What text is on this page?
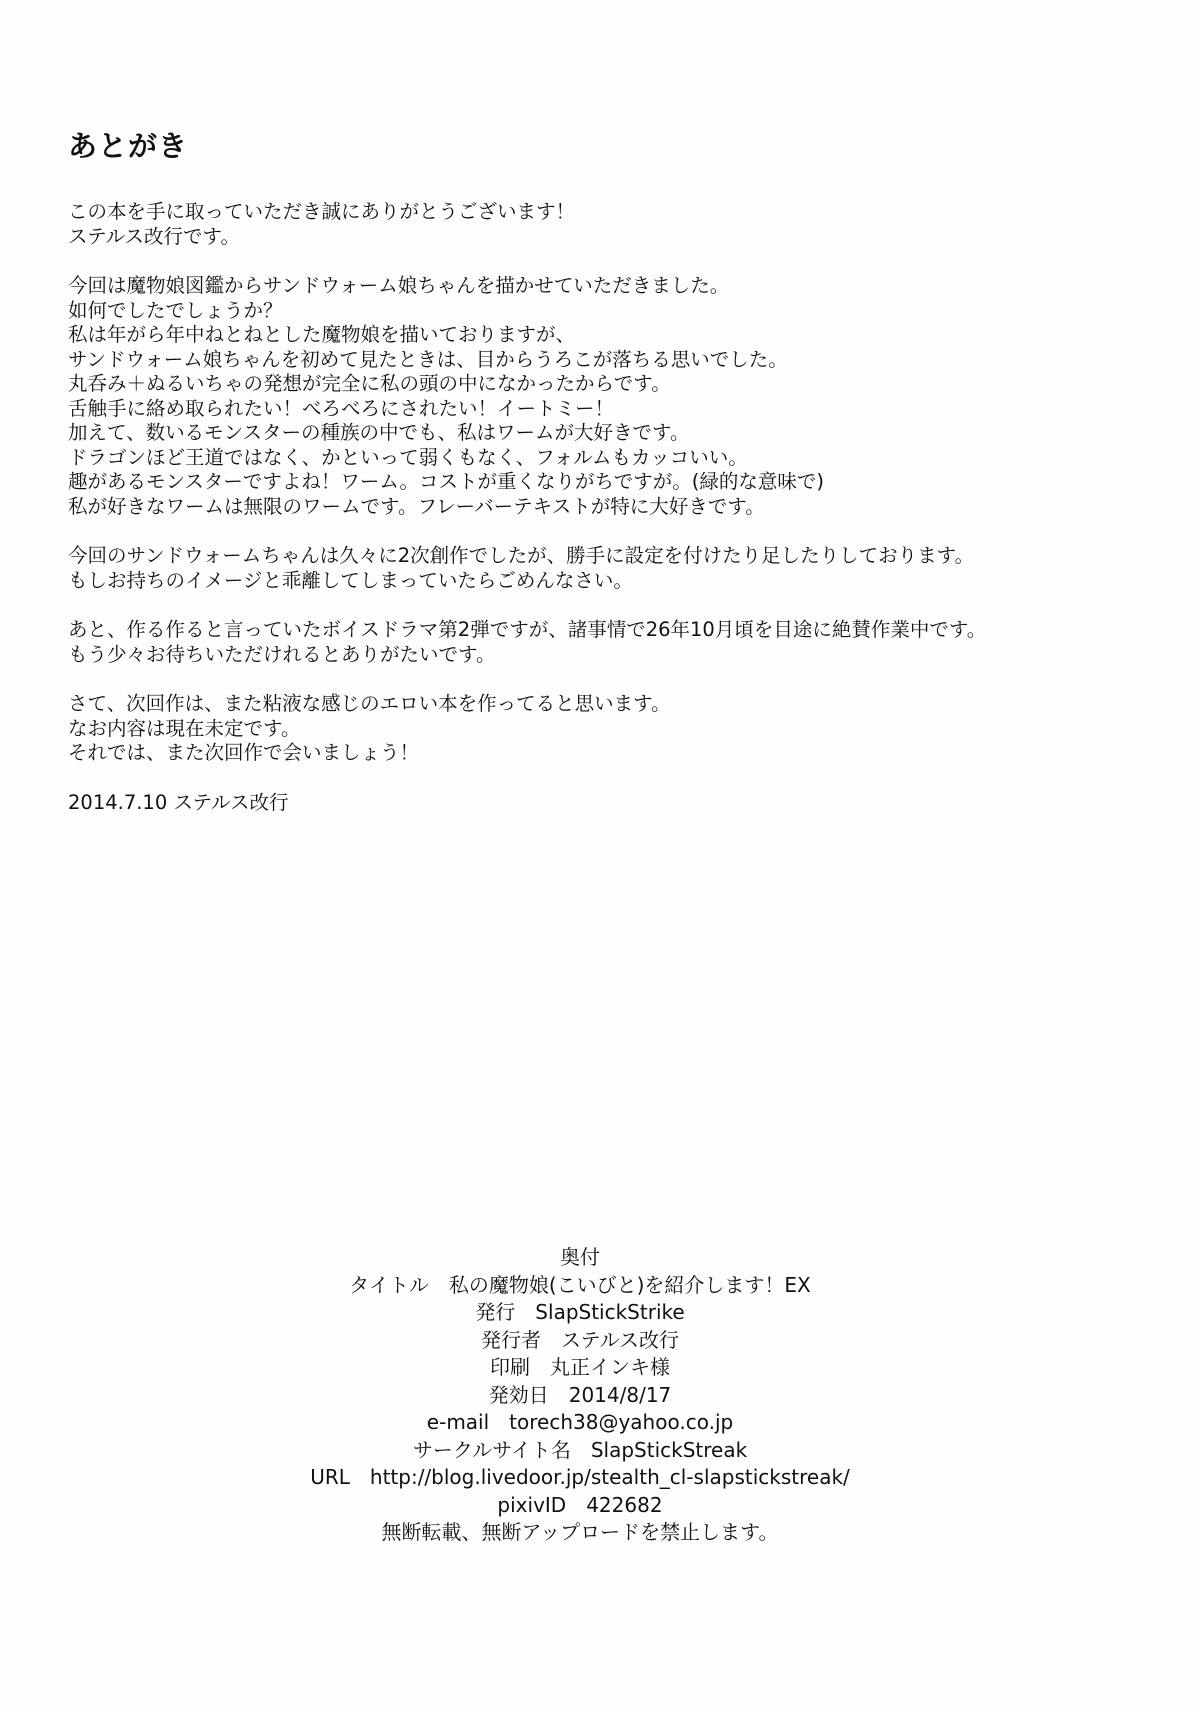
あとがき
この本を手に取っていただき誠にありがとうございます！
ステルス改行です。
今回は魔物娘図鑑からサンドウォーム娘ちゃんを描かせていただきました。
如何でしたでしょうか？
私は年がら年中ねとねとした魔物娘を描いておりますが、
サンドウォーム娘ちゃんを初めて見たときは、目からうろこが落ちる思いでした。
丸呑み＋ぬるいちゃの発想が完全に私の頭の中になかったからです。
舌触手に絡め取られたい！べろべろにされたい！イートミー！
加えて、数いるモンスターの種族の中でも、私はワームが大好きです。
ドラゴンほど王道ではなく、かといって弱くもなく、フォルムもカッコいい。
趣があるモンスターですよね！ワーム。コストが重くなりがちですが。(緑的な意味で)
私が好きなワームは無限のワームです。フレーバーテキストが特に大好きです。
今回のサンドウォームちゃんは久々に2次創作でしたが、勝手に設定を付けたり足したりしております。
もしお持ちのイメージと乖離してしまっていたらごめんなさい。
あと、作る作ると言っていたボイスドラマ第2弾ですが、諸事情で26年10月頃を目途に絶賛作業中です。
もう少々お待ちいただけれるとありがたいです。
さて、次回作は、また粘液な感じのエロい本を作ってると思います。
なお内容は現在未定です。
それでは、また次回作で会いましょう！
2014.7.10 ステルス改行
奥付
タイトル　私の魔物娘(こいびと)を紹介します！EX
発行　SlapStickStrike
発行者　ステルス改行
印刷　丸正インキ様
発効日　2014/8/17
e-mail　torech38@yahoo.co.jp
サークルサイト名　SlapStickStreak
URL　http://blog.livedoor.jp/stealth_cl-slapstickstreak/
pixivID　422682
無断転載、無断アップロードを禁止します。
